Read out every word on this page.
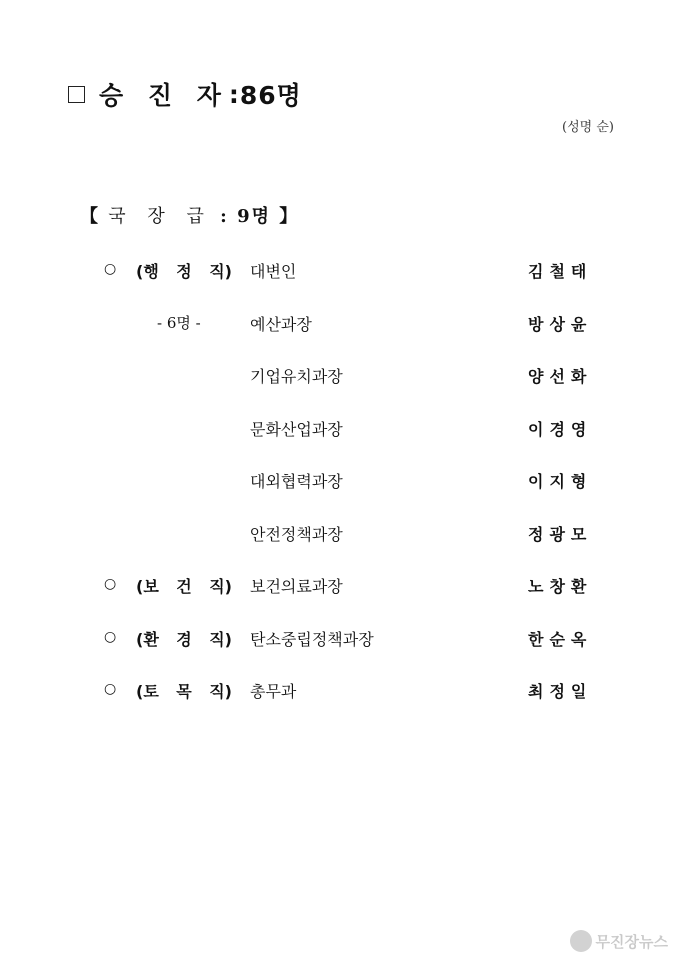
승 진 자 : 86명
(성명 순)
【 국 장 급 : 9명 】
○ (행 정 직) 대변인	김철태
- 6명 -	예산과장	방상윤
기업유치과장	양선화
문화산업과장	이경영
대외협력과장	이지형
안전정책과장	정광모
○ (보 건 직) 보건의료과장	노창환
○ (환 경 직) 탄소중립정책과장	한순옥
○ (토 목 직) 총무과	최정일
무진장뉴스
